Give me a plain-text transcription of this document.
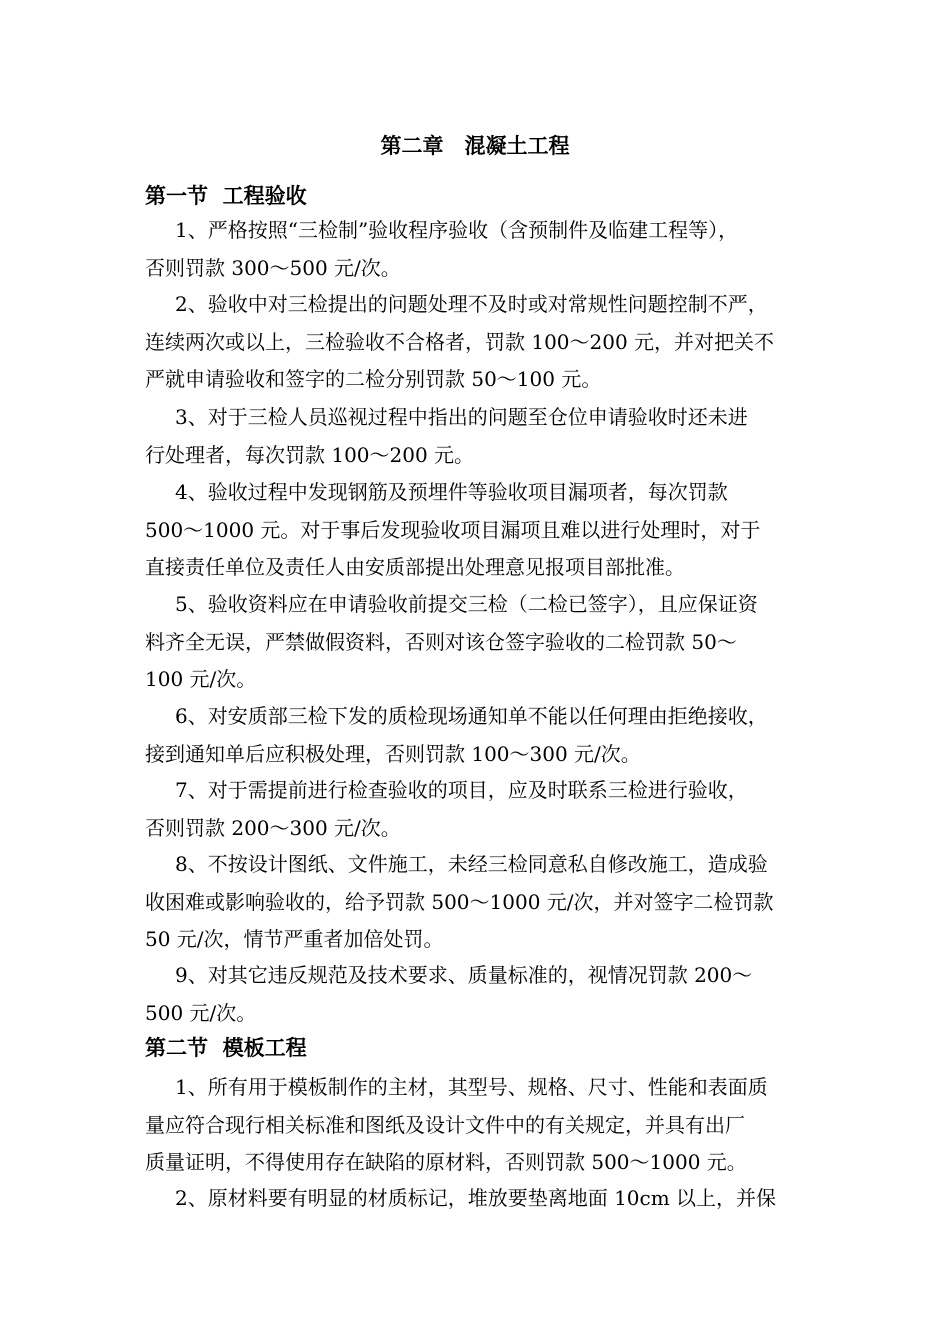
第二章　混凝土工程
第一节  工程验收
1、严格按照“三检制”验收程序验收（含预制件及临建工程等），
否则罚款 300～500 元/次。
2、验收中对三检提出的问题处理不及时或对常规性问题控制不严，
连续两次或以上，三检验收不合格者，罚款 100～200 元，并对把关不
严就申请验收和签字的二检分别罚款 50～100 元。
3、对于三检人员巡视过程中指出的问题至仓位申请验收时还未进
行处理者，每次罚款 100～200 元。
4、验收过程中发现钢筋及预埋件等验收项目漏项者，每次罚款
500～1000 元。对于事后发现验收项目漏项且难以进行处理时，对于
直接责任单位及责任人由安质部提出处理意见报项目部批准。
5、验收资料应在申请验收前提交三检（二检已签字），且应保证资
料齐全无误，严禁做假资料，否则对该仓签字验收的二检罚款 50～
100 元/次。
6、对安质部三检下发的质检现场通知单不能以任何理由拒绝接收，
接到通知单后应积极处理，否则罚款 100～300 元/次。
7、对于需提前进行检查验收的项目，应及时联系三检进行验收，
否则罚款 200～300 元/次。
8、不按设计图纸、文件施工，未经三检同意私自修改施工，造成验
收困难或影响验收的，给予罚款 500～1000 元/次，并对签字二检罚款
50 元/次，情节严重者加倍处罚。
9、对其它违反规范及技术要求、质量标准的，视情况罚款 200～
500 元/次。
第二节  模板工程
1、所有用于模板制作的主材，其型号、规格、尺寸、性能和表面质
量应符合现行相关标准和图纸及设计文件中的有关规定，并具有出厂
质量证明，不得使用存在缺陷的原材料，否则罚款 500～1000 元。
2、原材料要有明显的材质标记，堆放要垫离地面 10cm 以上，并保
